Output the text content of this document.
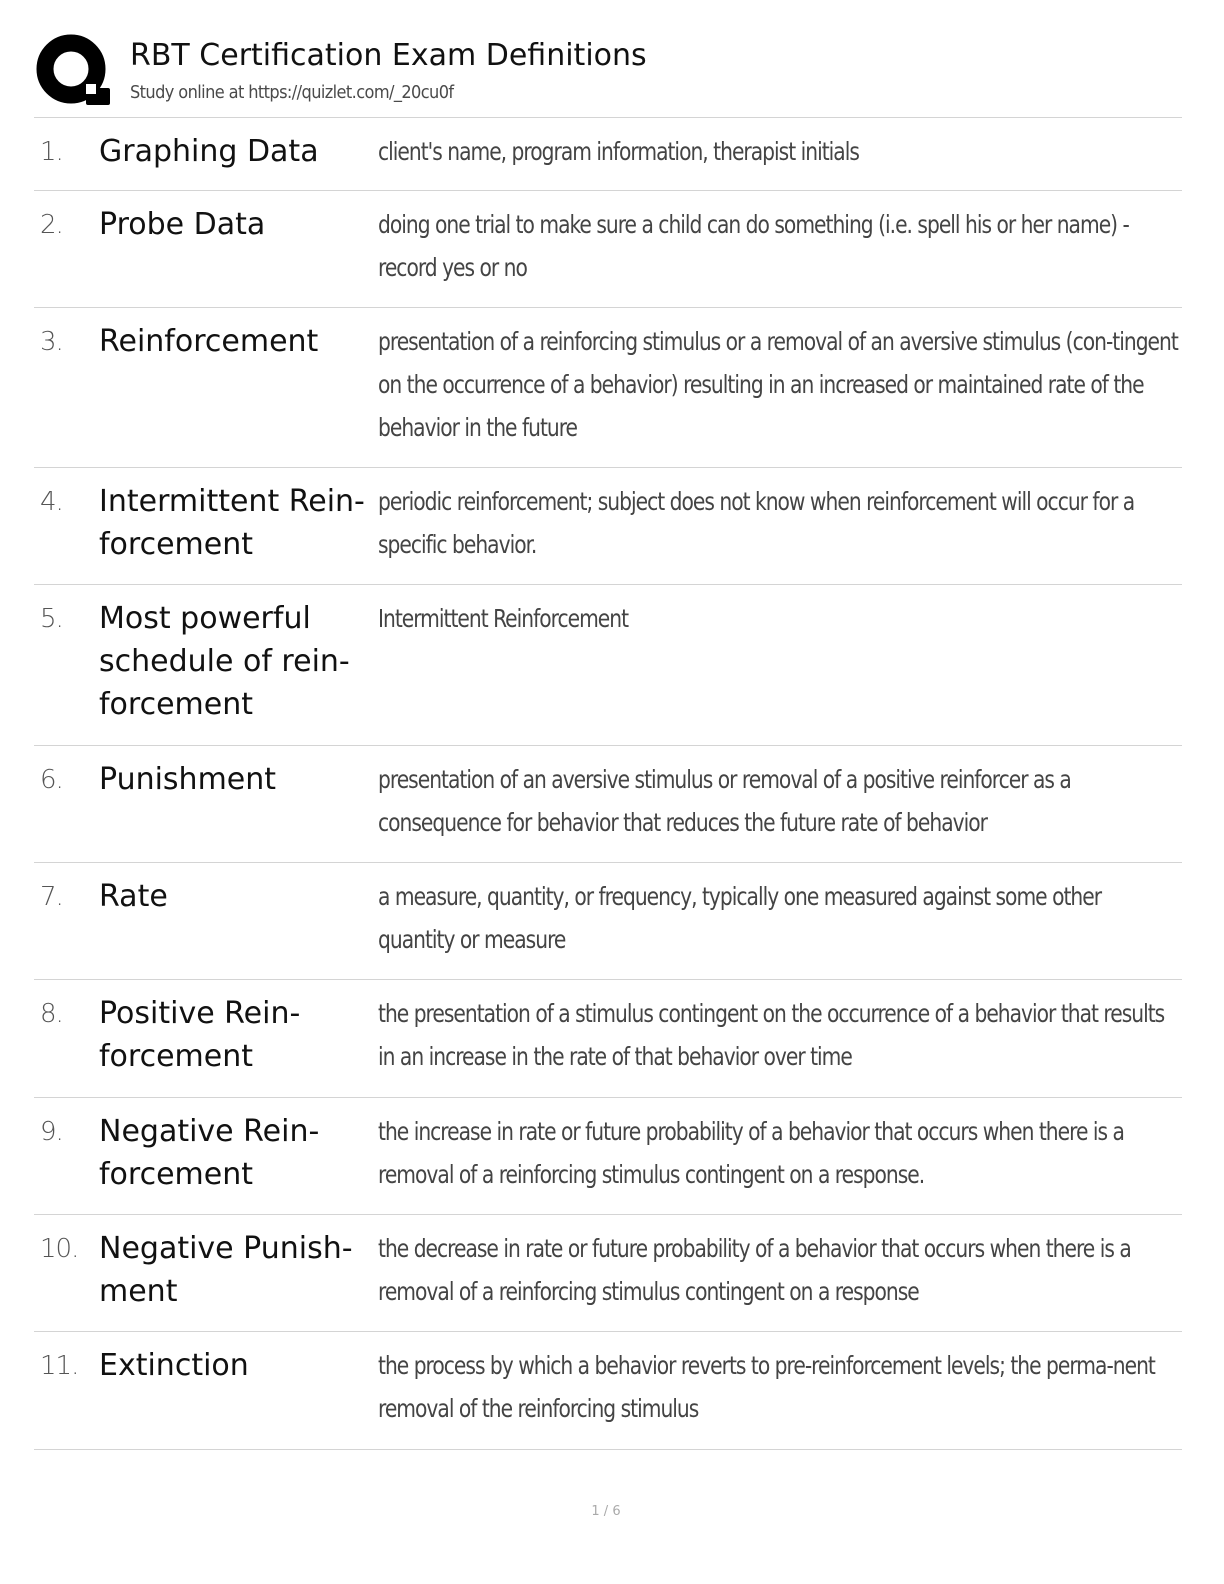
RBT Certification Exam Definitions
Study online at https://quizlet.com/_20cu0f
1. Graphing Data	client's name, program information, therapist initials
2. Probe Data	doing one trial to make sure a child can do something (i.e. spell his or her name) - record yes or no
3. Reinforcement	presentation of a reinforcing stimulus or a removal of an aversive stimulus (con-tingent on the occurrence of a behavior) resulting in an increased or maintained rate of the behavior in the future
4. Intermittent Rein-forcement
periodic reinforcement; subject does not know when reinforcement will occur for a specific behavior.
5. Most powerful schedule of rein-forcement
Intermittent Reinforcement
6. Punishment	presentation of an aversive stimulus or removal of a positive reinforcer as a consequence for behavior that reduces the future rate of behavior
7. Rate	a measure, quantity, or frequency, typically one measured against some other quantity or measure
8. Positive Rein-forcement
the presentation of a stimulus contingent on the occurrence of a behavior that results in an increase in the rate of that behavior over time
9. Negative Rein-forcement
the increase in rate or future probability of a behavior that occurs when there is a removal of a reinforcing stimulus contingent on a response.
10. Negative Punish-ment
the decrease in rate or future probability of a behavior that occurs when there is a removal of a reinforcing stimulus contingent on a response
11. Extinction	the process by which a behavior reverts to pre-reinforcement levels; the perma-nent removal of the reinforcing stimulus
1 / 6
